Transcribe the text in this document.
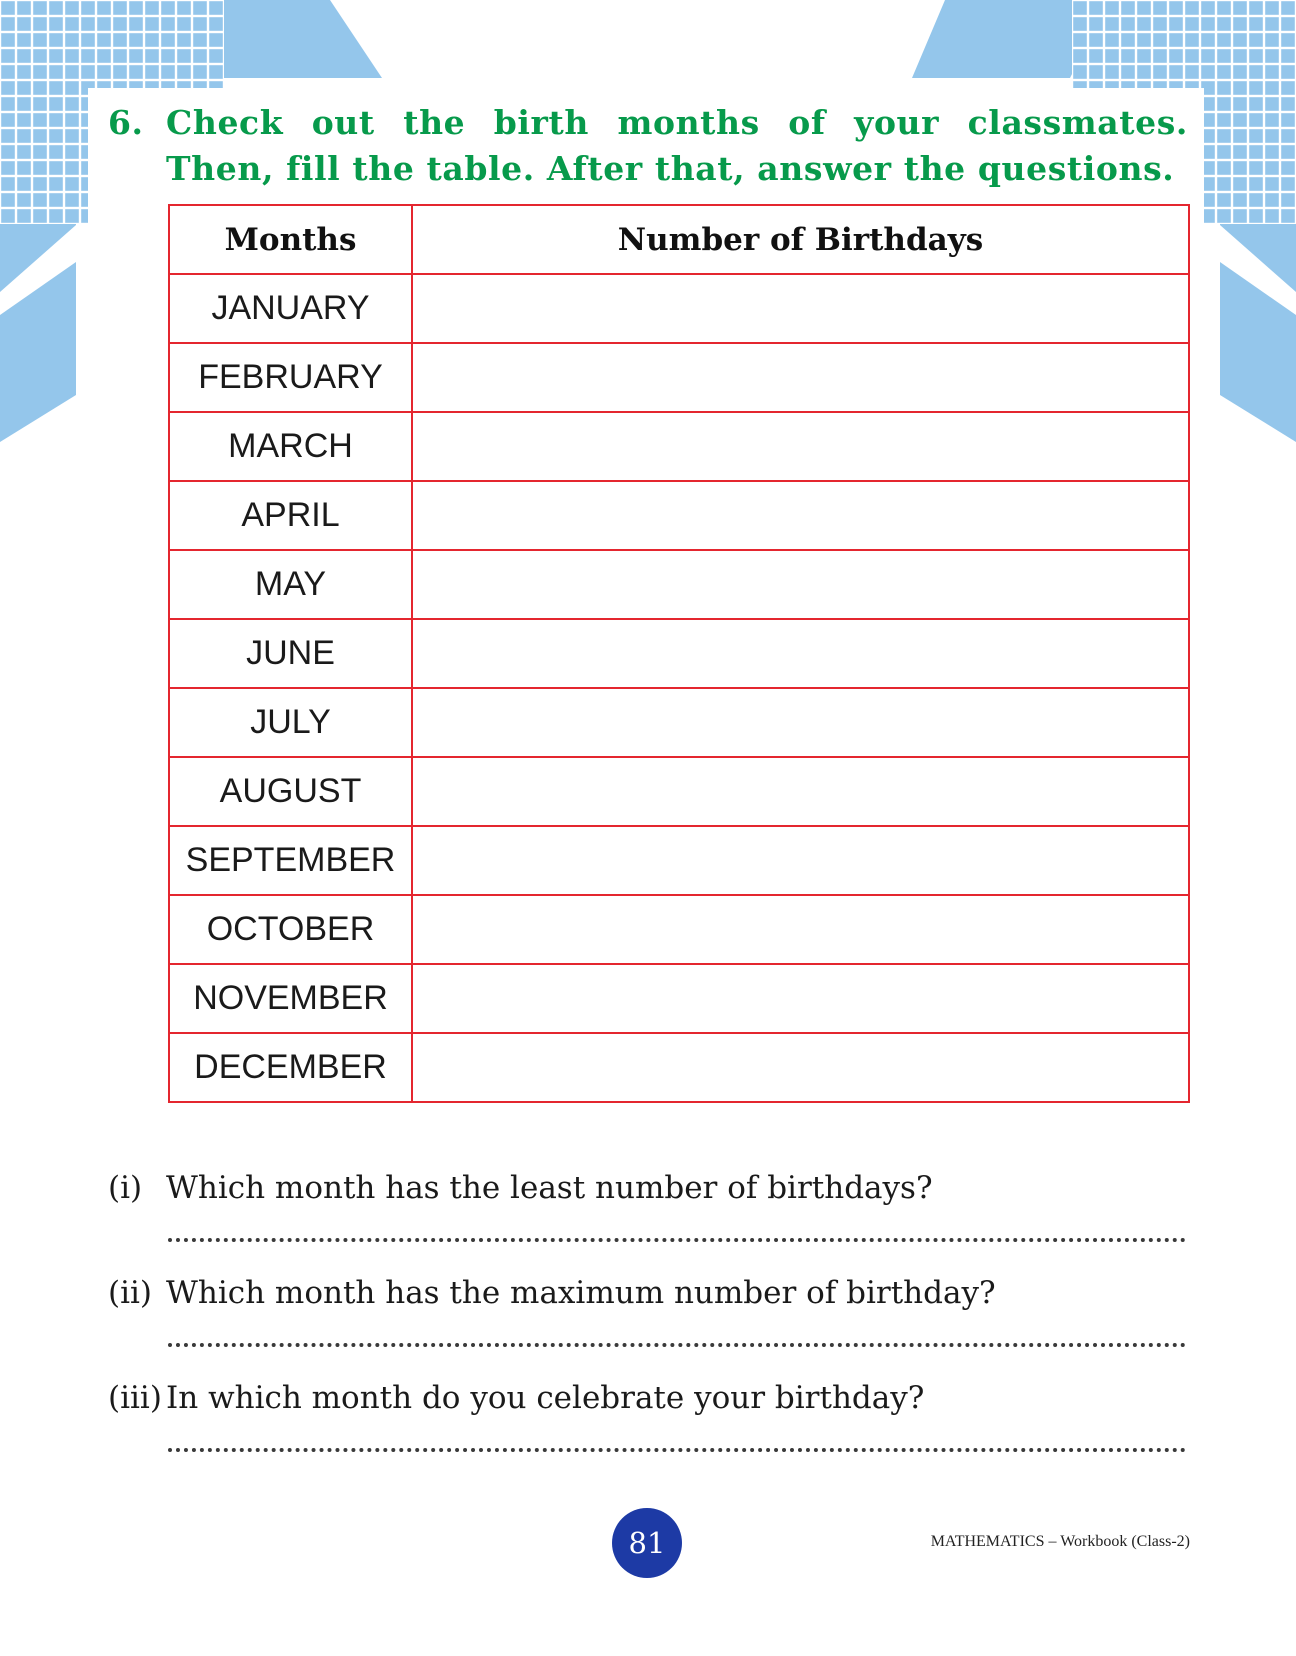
6. Check out the birth months of your classmates. Then, fill the table. After that, answer the questions.
Months	Number of Birthdays
JANUARY	
FEBRUARY	
MARCH	
APRIL	
MAY	
JUNE	
JULY	
AUGUST	
SEPTEMBER	
OCTOBER	
NOVEMBER	
DECEMBER	
(i) Which month has the least number of birthdays?
(ii) Which month has the maximum number of birthday?
(iii) In which month do you celebrate your birthday?
81	MATHEMATICS – Workbook (Class-2)
